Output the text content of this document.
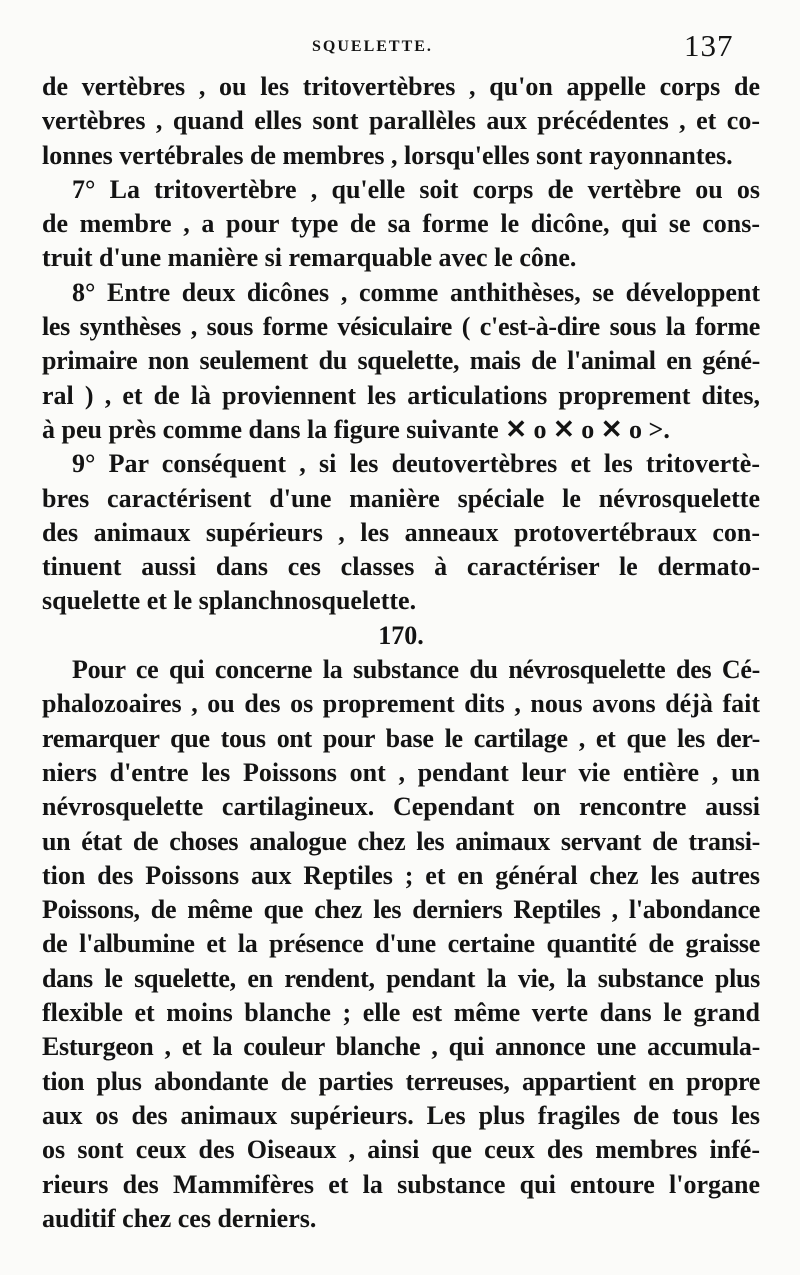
SQUELETTE.	137
de vertèbres , ou les tritovertèbres , qu'on appelle corps de
vertèbres , quand elles sont parallèles aux précédentes , et co-
lonnes vertébrales de membres , lorsqu'elles sont rayonnantes.
7° La tritovertèbre , qu'elle soit corps de vertèbre ou os
de membre , a pour type de sa forme le dicône, qui se cons-
truit d'une manière si remarquable avec le cône.
8° Entre deux dicônes , comme anthithèses, se développent
les synthèses , sous forme vésiculaire ( c'est-à-dire sous la forme
primaire non seulement du squelette, mais de l'animal en géné-
ral ) , et de là proviennent les articulations proprement dites,
à peu près comme dans la figure suivante ✕ o ✕ o ✕ o >.
9° Par conséquent , si les deutovertèbres et les tritovertè-
bres caractérisent d'une manière spéciale le névrosquelette
des animaux supérieurs , les anneaux protovertébraux con-
tinuent aussi dans ces classes à caractériser le dermato-
squelette et le splanchnosquelette.
170.
Pour ce qui concerne la substance du névrosquelette des Cé-
phalozoaires , ou des os proprement dits , nous avons déjà fait
remarquer que tous ont pour base le cartilage , et que les der-
niers d'entre les Poissons ont , pendant leur vie entière , un
névrosquelette cartilagineux. Cependant on rencontre aussi
un état de choses analogue chez les animaux servant de transi-
tion des Poissons aux Reptiles ; et en général chez les autres
Poissons, de même que chez les derniers Reptiles , l'abondance
de l'albumine et la présence d'une certaine quantité de graisse
dans le squelette, en rendent, pendant la vie, la substance plus
flexible et moins blanche ; elle est même verte dans le grand
Esturgeon , et la couleur blanche , qui annonce une accumula-
tion plus abondante de parties terreuses, appartient en propre
aux os des animaux supérieurs. Les plus fragiles de tous les
os sont ceux des Oiseaux , ainsi que ceux des membres infé-
rieurs des Mammifères et la substance qui entoure l'organe
auditif chez ces derniers.
